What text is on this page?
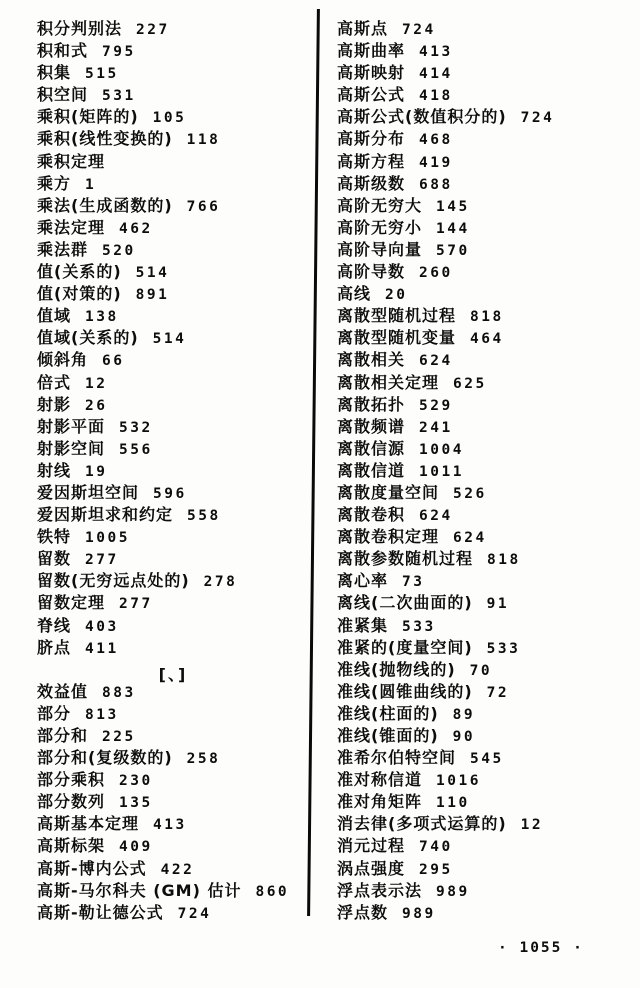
积分判别法 227
积和式 795
积集 515
积空间 531
乘积(矩阵的) 105
乘积(线性变换的) 118
乘积定理
乘方 1
乘法(生成函数的) 766
乘法定理 462
乘法群 520
值(关系的) 514
值(对策的) 891
值域 138
值域(关系的) 514
倾斜角 66
倍式 12
射影 26
射影平面 532
射影空间 556
射线 19
爱因斯坦空间 596
爱因斯坦求和约定 558
铁特 1005
留数 277
留数(无穷远点处的) 278
留数定理 277
脊线 403
脐点 411
[、]
效益值 883
部分 813
部分和 225
部分和(复级数的) 258
部分乘积 230
部分数列 135
高斯基本定理 413
高斯标架 409
高斯-博内公式 422
高斯-马尔科夫 (GM) 估计 860
高斯-勒让德公式 724
高斯点 724
高斯曲率 413
高斯映射 414
高斯公式 418
高斯公式(数值积分的) 724
高斯分布 468
高斯方程 419
高斯级数 688
高阶无穷大 145
高阶无穷小 144
高阶导向量 570
高阶导数 260
高线 20
离散型随机过程 818
离散型随机变量 464
离散相关 624
离散相关定理 625
离散拓扑 529
离散频谱 241
离散信源 1004
离散信道 1011
离散度量空间 526
离散卷积 624
离散卷积定理 624
离散参数随机过程 818
离心率 73
离线(二次曲面的) 91
准紧集 533
准紧的(度量空间) 533
准线(抛物线的) 70
准线(圆锥曲线的) 72
准线(柱面的) 89
准线(锥面的) 90
准希尔伯特空间 545
准对称信道 1016
准对角矩阵 110
消去律(多项式运算的) 12
消元过程 740
涡点强度 295
浮点表示法 989
浮点数 989
· 1055 ·
